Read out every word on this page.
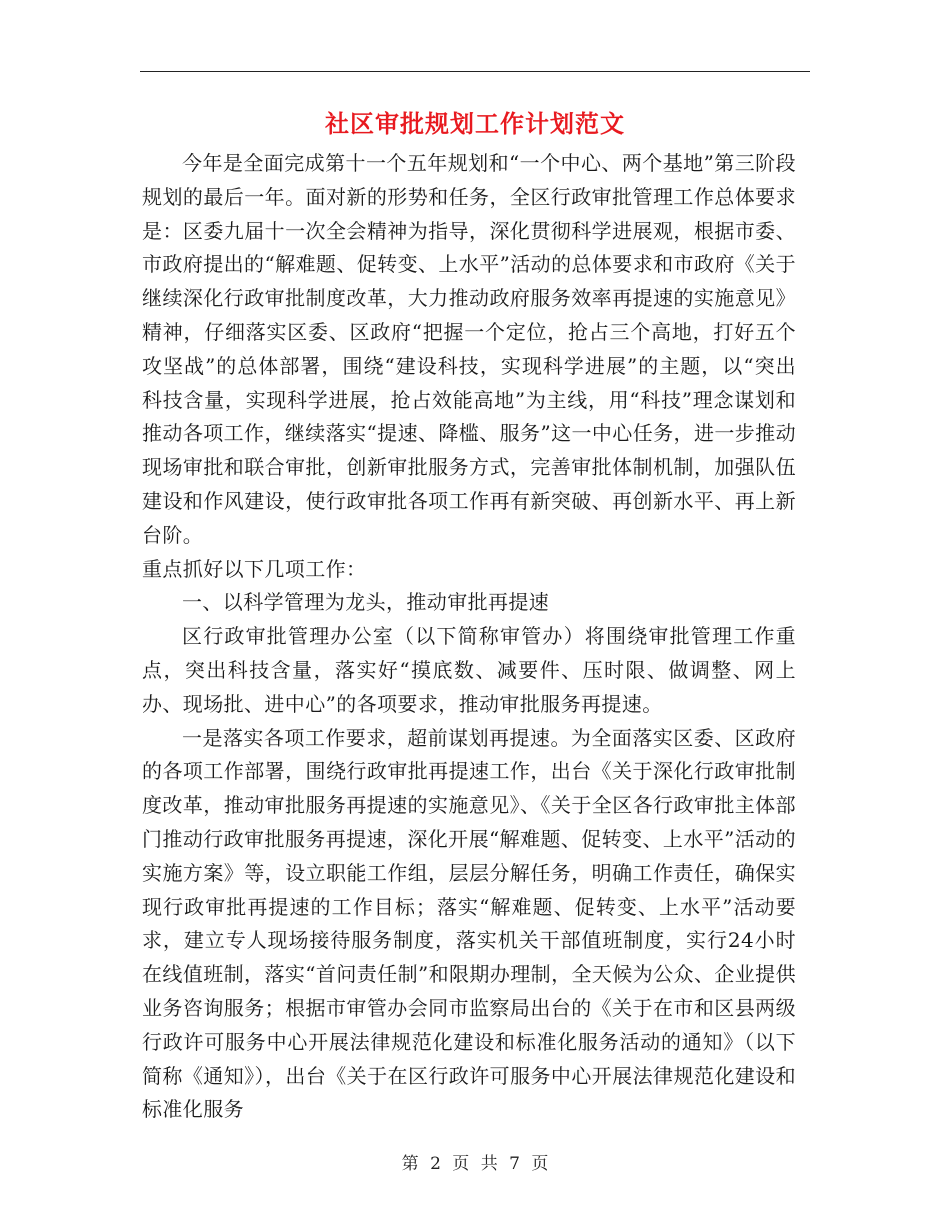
社区审批规划工作计划范文

今年是全面完成第十一个五年规划和“一个中心、两个基地”第三阶段规划的最后一年。面对新的形势和任务，全区行政审批管理工作总体要求是：区委九届十一次全会精神为指导，深化贯彻科学进展观，根据市委、市政府提出的“解难题、促转变、上水平”活动的总体要求和市政府《关于继续深化行政审批制度改革，大力推动政府服务效率再提速的实施意见》精神，仔细落实区委、区政府“把握一个定位，抢占三个高地，打好五个攻坚战”的总体部署，围绕“建设科技，实现科学进展”的主题，以“突出科技含量，实现科学进展，抢占效能高地”为主线，用“科技”理念谋划和推动各项工作，继续落实“提速、降槛、服务”这一中心任务，进一步推动现场审批和联合审批，创新审批服务方式，完善审批体制机制，加强队伍建设和作风建设，使行政审批各项工作再有新突破、再创新水平、再上新台阶。

重点抓好以下几项工作：

一、以科学管理为龙头，推动审批再提速

区行政审批管理办公室（以下简称审管办）将围绕审批管理工作重点，突出科技含量，落实好“摸底数、减要件、压时限、做调整、网上办、现场批、进中心”的各项要求，推动审批服务再提速。

一是落实各项工作要求，超前谋划再提速。为全面落实区委、区政府的各项工作部署，围绕行政审批再提速工作，出台《关于深化行政审批制度改革，推动审批服务再提速的实施意见》、《关于全区各行政审批主体部门推动行政审批服务再提速，深化开展“解难题、促转变、上水平”活动的实施方案》等，设立职能工作组，层层分解任务，明确工作责任，确保实现行政审批再提速的工作目标；落实“解难题、促转变、上水平”活动要求，建立专人现场接待服务制度，落实机关干部值班制度，实行24小时在线值班制，落实“首问责任制”和限期办理制，全天候为公众、企业提供业务咨询服务；根据市审管办会同市监察局出台的《关于在市和区县两级行政许可服务中心开展法律规范化建设和标准化服务活动的通知》（以下简称《通知》），出台《关于在区行政许可服务中心开展法律规范化建设和标准化服务

第 2 页 共 7 页
